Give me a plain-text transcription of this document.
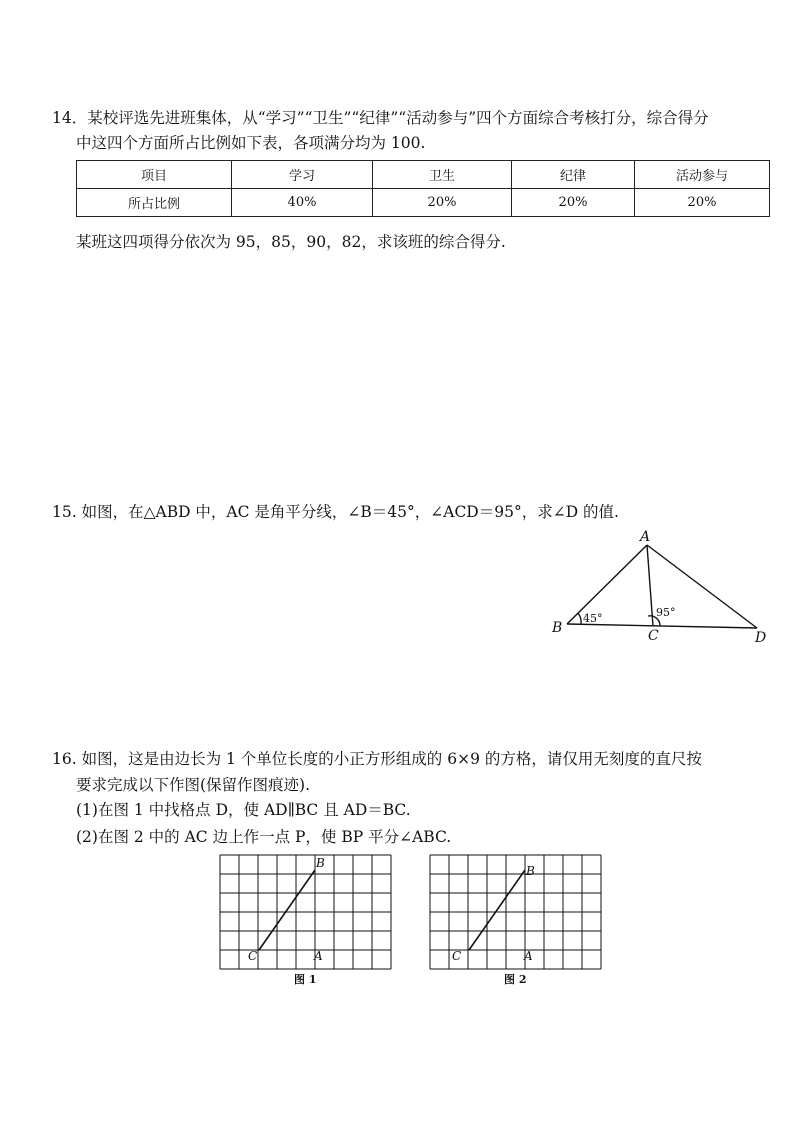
14．某校评选先进班集体，从“学习”“卫生”“纪律”“活动参与”四个方面综合考核打分，综合得分
中这四个方面所占比例如下表，各项满分均为 100.
项目	学习	卫生	纪律	活动参与
所占比例	40%	20%	20%	20%
某班这四项得分依次为 95，85，90，82，求该班的综合得分.
15. 如图，在△ABD 中，AC 是角平分线，∠B＝45°，∠ACD＝95°，求∠D 的值.
A
B	C	D
45°	95°
16. 如图，这是由边长为 1 个单位长度的小正方形组成的 6×9 的方格，请仅用无刻度的直尺按
要求完成以下作图(保留作图痕迹).
(1)在图 1 中找格点 D，使 AD∥BC 且 AD＝BC.
(2)在图 2 中的 AC 边上作一点 P，使 BP 平分∠ABC.
B
C	A
图 1
B
C	A
图 2
